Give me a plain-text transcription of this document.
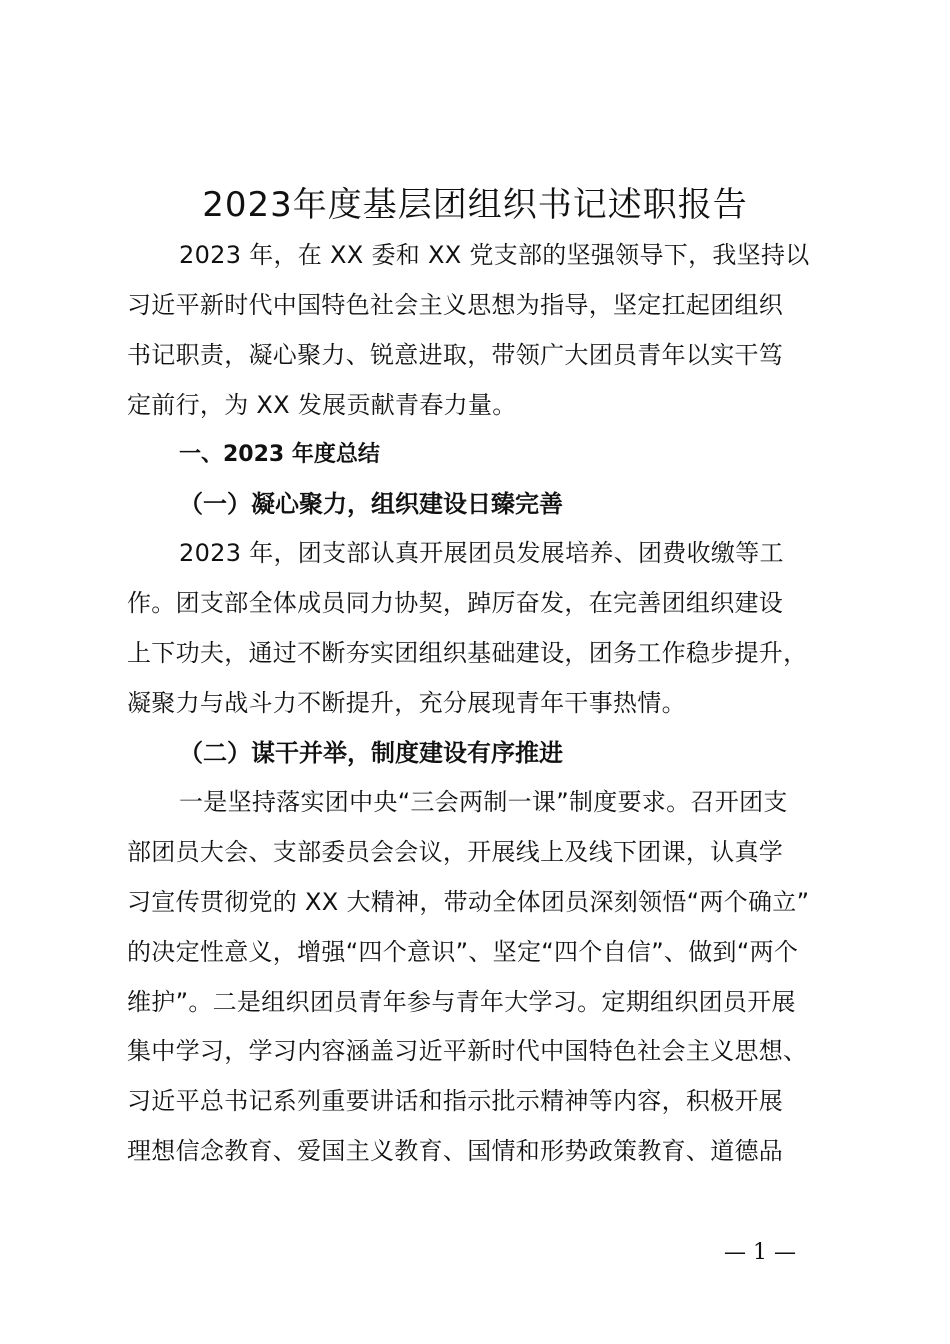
2023年度基层团组织书记述职报告
2023 年，在 XX 委和 XX 党支部的坚强领导下，我坚持以
习近平新时代中国特色社会主义思想为指导，坚定扛起团组织
书记职责，凝心聚力、锐意进取，带领广大团员青年以实干笃
定前行，为 XX 发展贡献青春力量。
一、2023 年度总结
（一）凝心聚力，组织建设日臻完善
2023 年，团支部认真开展团员发展培养、团费收缴等工
作。团支部全体成员同力协契，踔厉奋发，在完善团组织建设
上下功夫，通过不断夯实团组织基础建设，团务工作稳步提升，
凝聚力与战斗力不断提升，充分展现青年干事热情。
（二）谋干并举，制度建设有序推进
一是坚持落实团中央“三会两制一课”制度要求。召开团支
部团员大会、支部委员会会议，开展线上及线下团课，认真学
习宣传贯彻党的 XX 大精神，带动全体团员深刻领悟“两个确立”
的决定性意义，增强“四个意识”、坚定“四个自信”、做到“两个
维护”。二是组织团员青年参与青年大学习。定期组织团员开展
集中学习，学习内容涵盖习近平新时代中国特色社会主义思想、
习近平总书记系列重要讲话和指示批示精神等内容，积极开展
理想信念教育、爱国主义教育、国情和形势政策教育、道德品
— 1 —
